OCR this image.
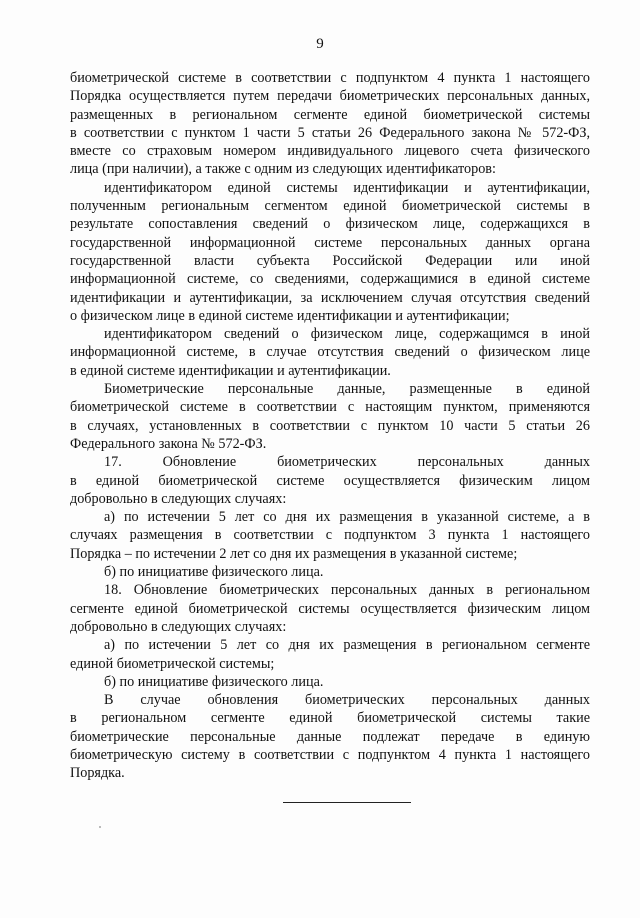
9
биометрической системе в соответствии с подпунктом 4 пункта 1 настоящего
Порядка осуществляется путем передачи биометрических персональных данных,
размещенных в региональном сегменте единой биометрической системы
в соответствии с пунктом 1 части 5 статьи 26 Федерального закона № 572-ФЗ,
вместе со страховым номером индивидуального лицевого счета физического
лица (при наличии), а также с одним из следующих идентификаторов:
идентификатором единой системы идентификации и аутентификации,
полученным региональным сегментом единой биометрической системы в
результате сопоставления сведений о физическом лице, содержащихся в
государственной информационной системе персональных данных органа
государственной власти субъекта Российской Федерации или иной
информационной системе, со сведениями, содержащимися в единой системе
идентификации и аутентификации, за исключением случая отсутствия сведений
о физическом лице в единой системе идентификации и аутентификации;
идентификатором сведений о физическом лице, содержащимся в иной
информационной системе, в случае отсутствия сведений о физическом лице
в единой системе идентификации и аутентификации.
Биометрические персональные данные, размещенные в единой
биометрической системе в соответствии с настоящим пунктом, применяются
в случаях, установленных в соответствии с пунктом 10 части 5 статьи 26
Федерального закона № 572-ФЗ.
17. Обновление биометрических персональных данных
в единой биометрической системе осуществляется физическим лицом
добровольно в следующих случаях:
а) по истечении 5 лет со дня их размещения в указанной системе, а в
случаях размещения в соответствии с подпунктом 3 пункта 1 настоящего
Порядка – по истечении 2 лет со дня их размещения в указанной системе;
б) по инициативе физического лица.
18. Обновление биометрических персональных данных в региональном
сегменте единой биометрической системы осуществляется физическим лицом
добровольно в следующих случаях:
а) по истечении 5 лет со дня их размещения в региональном сегменте
единой биометрической системы;
б) по инициативе физического лица.
В случае обновления биометрических персональных данных
в региональном сегменте единой биометрической системы такие
биометрические персональные данные подлежат передаче в единую
биометрическую систему в соответствии с подпунктом 4 пункта 1 настоящего
Порядка.
